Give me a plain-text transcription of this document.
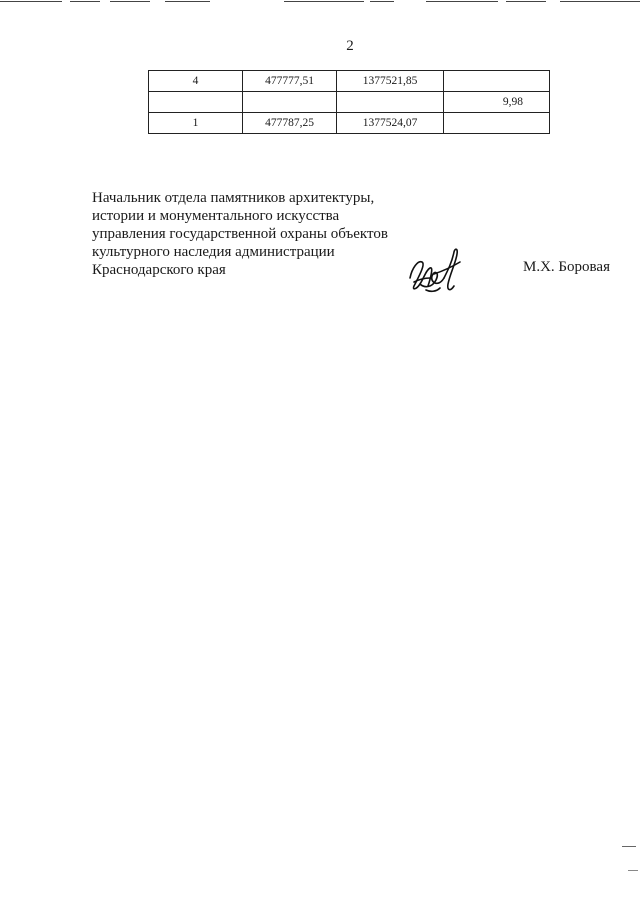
2
4	477777,51	1377521,85	
			9,98
1	477787,25	1377524,07	
Начальник отдела памятников архитектуры,
истории и монументального искусства
управления государственной охраны объектов
культурного наследия администрации
Краснодарского края	М.Х. Боровая
